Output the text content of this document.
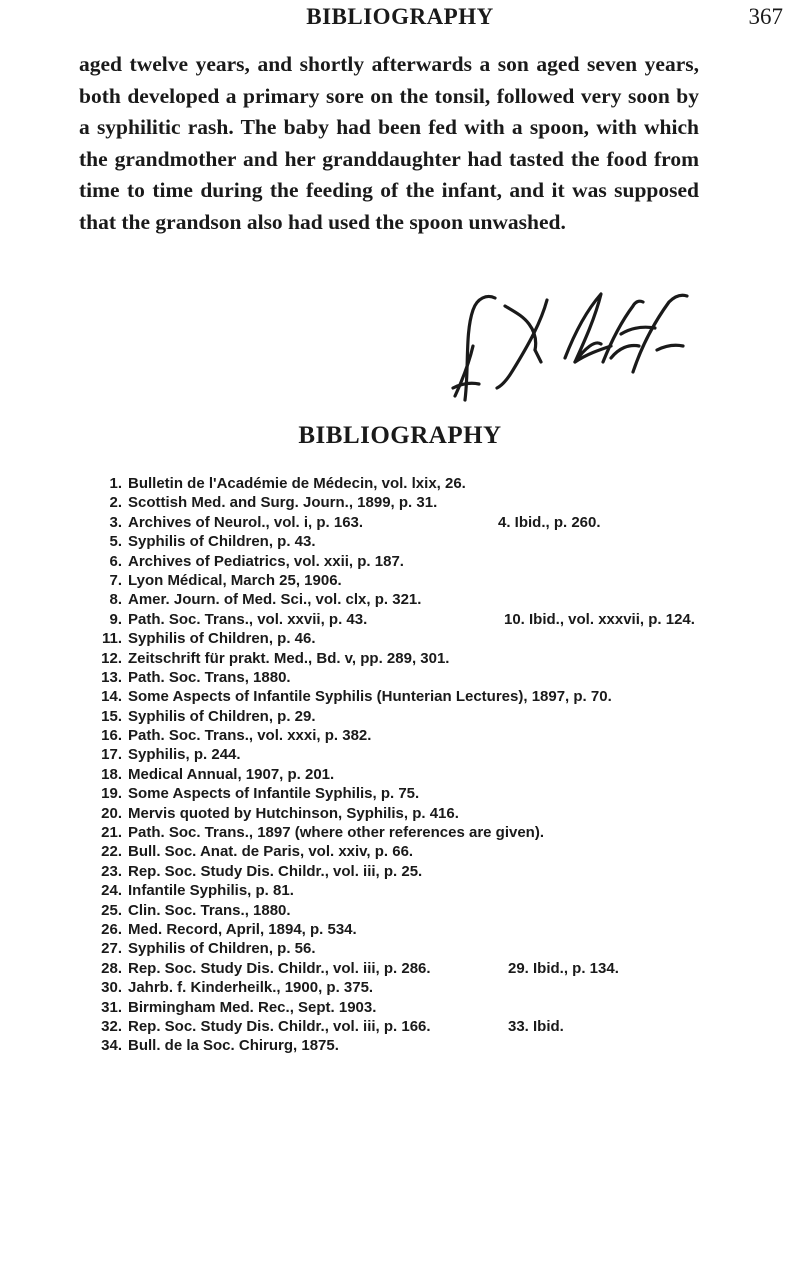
BIBLIOGRAPHY	367

aged twelve years, and shortly afterwards a son aged seven years, both developed a primary sore on the tonsil, followed very soon by a syphilitic rash. The baby had been fed with a spoon, with which the grandmother and her granddaughter had tasted the food from time to time during the feeding of the infant, and it was supposed that the grandson also had used the spoon unwashed.

BIBLIOGRAPHY
1. Bulletin de l'Académie de Médecin, vol. lxix, 26.
2. Scottish Med. and Surg. Journ., 1899, p. 31.
3. Archives of Neurol., vol. i, p. 163.	4. Ibid., p. 260.
5. Syphilis of Children, p. 43.
6. Archives of Pediatrics, vol. xxii, p. 187.
7. Lyon Médical, March 25, 1906.
8. Amer. Journ. of Med. Sci., vol. clx, p. 321.
9. Path. Soc. Trans., vol. xxvii, p. 43.	10. Ibid., vol. xxxvii, p. 124.
11. Syphilis of Children, p. 46.
12. Zeitschrift für prakt. Med., Bd. v, pp. 289, 301.
13. Path. Soc. Trans, 1880.
14. Some Aspects of Infantile Syphilis (Hunterian Lectures), 1897, p. 70.
15. Syphilis of Children, p. 29.
16. Path. Soc. Trans., vol. xxxi, p. 382.
17. Syphilis, p. 244.
18. Medical Annual, 1907, p. 201.
19. Some Aspects of Infantile Syphilis, p. 75.
20. Mervis quoted by Hutchinson, Syphilis, p. 416.
21. Path. Soc. Trans., 1897 (where other references are given).
22. Bull. Soc. Anat. de Paris, vol. xxiv, p. 66.
23. Rep. Soc. Study Dis. Childr., vol. iii, p. 25.
24. Infantile Syphilis, p. 81.
25. Clin. Soc. Trans., 1880.
26. Med. Record, April, 1894, p. 534.
27. Syphilis of Children, p. 56.
28. Rep. Soc. Study Dis. Childr., vol. iii, p. 286.	29. Ibid., p. 134.
30. Jahrb. f. Kinderheilk., 1900, p. 375.
31. Birmingham Med. Rec., Sept. 1903.
32. Rep. Soc. Study Dis. Childr., vol. iii, p. 166.	33. Ibid.
34. Bull. de la Soc. Chirurg, 1875.
